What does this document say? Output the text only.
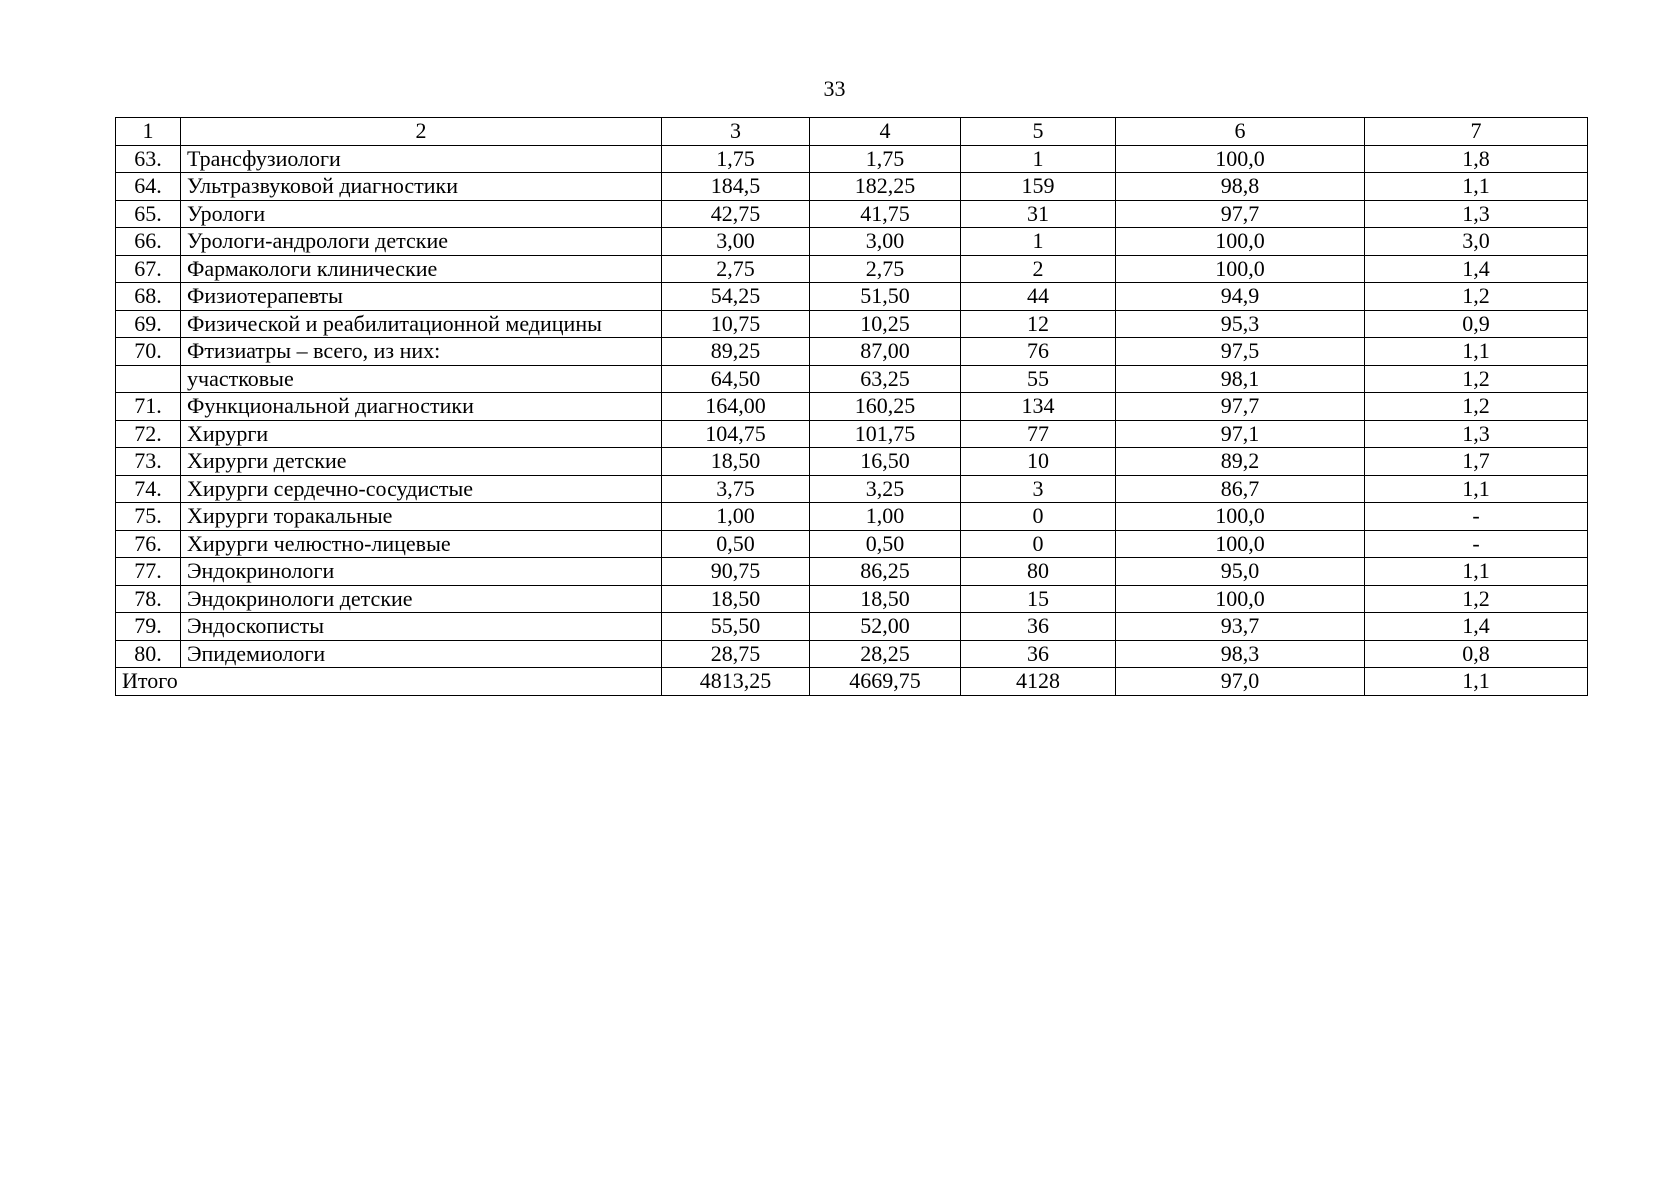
33
1	2	3	4	5	6	7
63.	Трансфузиологи	1,75	1,75	1	100,0	1,8
64.	Ультразвуковой диагностики	184,5	182,25	159	98,8	1,1
65.	Урологи	42,75	41,75	31	97,7	1,3
66.	Урологи-андрологи детские	3,00	3,00	1	100,0	3,0
67.	Фармакологи клинические	2,75	2,75	2	100,0	1,4
68.	Физиотерапевты	54,25	51,50	44	94,9	1,2
69.	Физической и реабилитационной медицины	10,75	10,25	12	95,3	0,9
70.	Фтизиатры – всего, из них:	89,25	87,00	76	97,5	1,1
	участковые	64,50	63,25	55	98,1	1,2
71.	Функциональной диагностики	164,00	160,25	134	97,7	1,2
72.	Хирурги	104,75	101,75	77	97,1	1,3
73.	Хирурги детские	18,50	16,50	10	89,2	1,7
74.	Хирурги сердечно-сосудистые	3,75	3,25	3	86,7	1,1
75.	Хирурги торакальные	1,00	1,00	0	100,0	-
76.	Хирурги челюстно-лицевые	0,50	0,50	0	100,0	-
77.	Эндокринологи	90,75	86,25	80	95,0	1,1
78.	Эндокринологи детские	18,50	18,50	15	100,0	1,2
79.	Эндоскописты	55,50	52,00	36	93,7	1,4
80.	Эпидемиологи	28,75	28,25	36	98,3	0,8
Итого		4813,25	4669,75	4128	97,0	1,1
